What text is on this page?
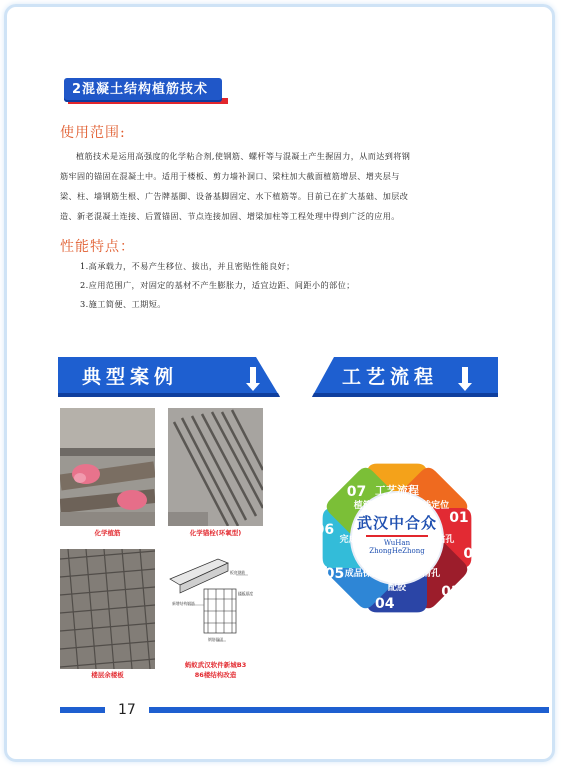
2混凝土结构植筋技术
使用范围:
植筋技术是运用高强度的化学粘合剂,使钢筋、螺杆等与混凝土产生握固力，从而达到将钢
筋牢固的锚固在混凝土中。适用于楼板、剪力墙补洞口、梁柱加大截面植筋增层、增夹层与
梁、柱、墙钢筋生根、广告牌基脚、设备基脚固定、水下植筋等。目前已在扩大基础、加层改
造、新老混凝土连接、后置锚固、节点连接加固、增梁加柱等工程处理中得到广泛的应用。
性能特点：
1.高承载力，不易产生移位、拔出，并且密贴性能良好；
2.应用范围广，对固定的基材不产生膨胀力，适宜边距、间距小的部位；
3.施工简便、工期短。
典型案例	工艺流程
化学植筋	化学锚栓(环氧型)
板底钢筋
楼板厚度
新增结构钢筋
钢筋锚固
楼层余楼板
蚂蚁武汉软件新城B3
86楼结构改造
工艺流程
划线定位
01
钻孔
02
清孔
03
配胶
04
成品保护
05
完成
06
植筋
07
武汉中合众
WuHan
ZhongHeZhong
17
